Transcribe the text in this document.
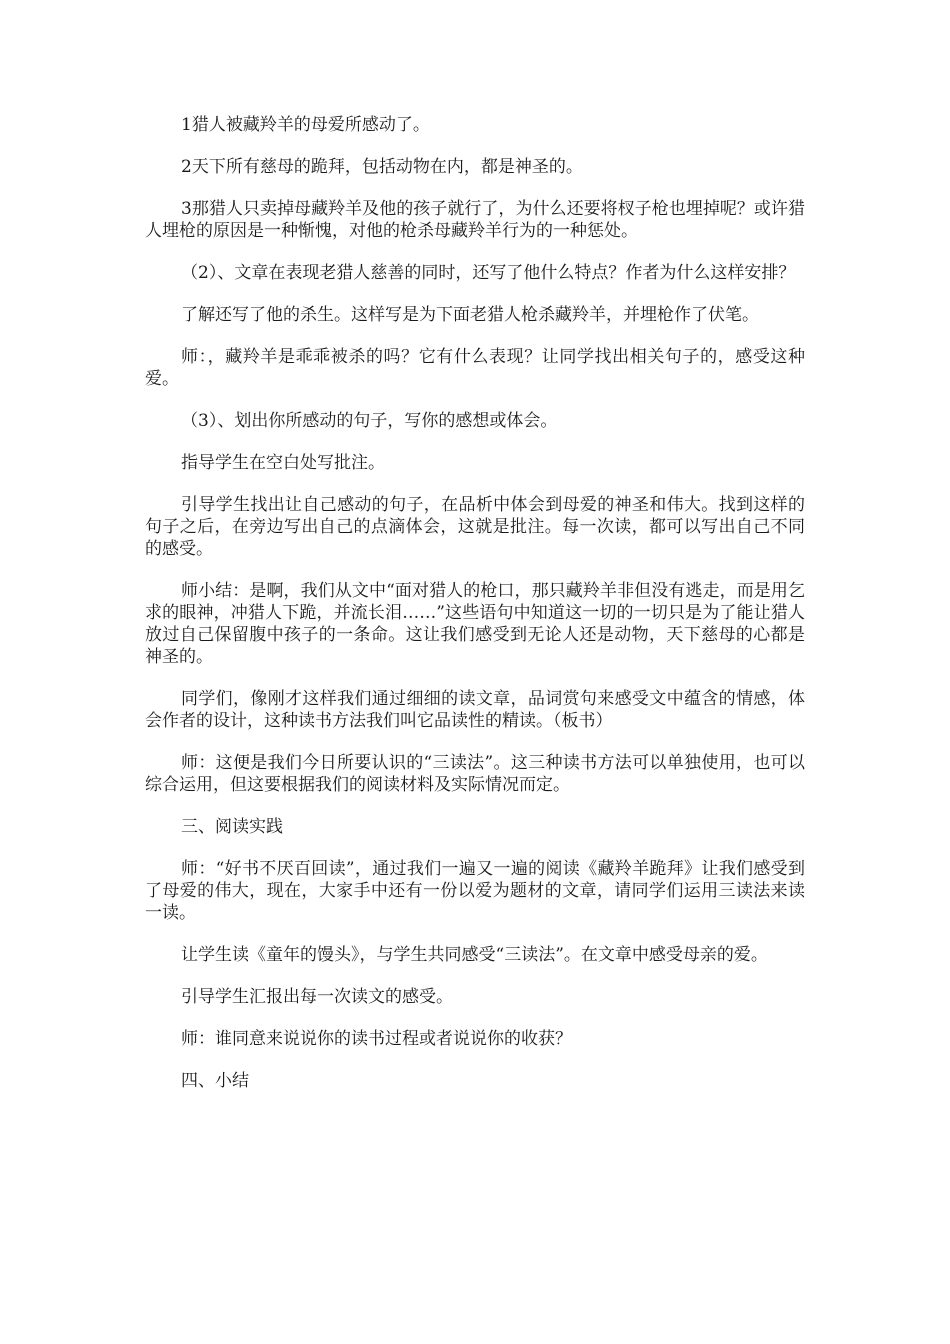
1猎人被藏羚羊的母爱所感动了。

2天下所有慈母的跪拜，包括动物在内，都是神圣的。

3那猎人只卖掉母藏羚羊及他的孩子就行了，为什么还要将杈子枪也埋掉呢？或许猎人埋枪的原因是一种惭愧，对他的枪杀母藏羚羊行为的一种惩处。

（2）、文章在表现老猎人慈善的同时，还写了他什么特点？作者为什么这样安排？

了解还写了他的杀生。这样写是为下面老猎人枪杀藏羚羊，并埋枪作了伏笔。

师：，藏羚羊是乖乖被杀的吗？它有什么表现？让同学找出相关句子的，感受这种爱。

（3）、划出你所感动的句子，写你的感想或体会。

指导学生在空白处写批注。

引导学生找出让自己感动的句子，在品析中体会到母爱的神圣和伟大。找到这样的句子之后，在旁边写出自己的点滴体会，这就是批注。每一次读，都可以写出自己不同的感受。

师小结：是啊，我们从文中“面对猎人的枪口，那只藏羚羊非但没有逃走，而是用乞求的眼神，冲猎人下跪，并流长泪……”这些语句中知道这一切的一切只是为了能让猎人放过自己保留腹中孩子的一条命。这让我们感受到无论人还是动物，天下慈母的心都是神圣的。

同学们，像刚才这样我们通过细细的读文章，品词赏句来感受文中蕴含的情感，体会作者的设计，这种读书方法我们叫它品读性的精读。（板书）

师：这便是我们今日所要认识的“三读法”。这三种读书方法可以单独使用，也可以综合运用，但这要根据我们的阅读材料及实际情况而定。

三、阅读实践

师：“好书不厌百回读”，通过我们一遍又一遍的阅读《藏羚羊跪拜》让我们感受到了母爱的伟大，现在，大家手中还有一份以爱为题材的文章，请同学们运用三读法来读一读。

让学生读《童年的馒头》，与学生共同感受“三读法”。在文章中感受母亲的爱。

引导学生汇报出每一次读文的感受。

师：谁同意来说说你的读书过程或者说说你的收获？

四、小结
